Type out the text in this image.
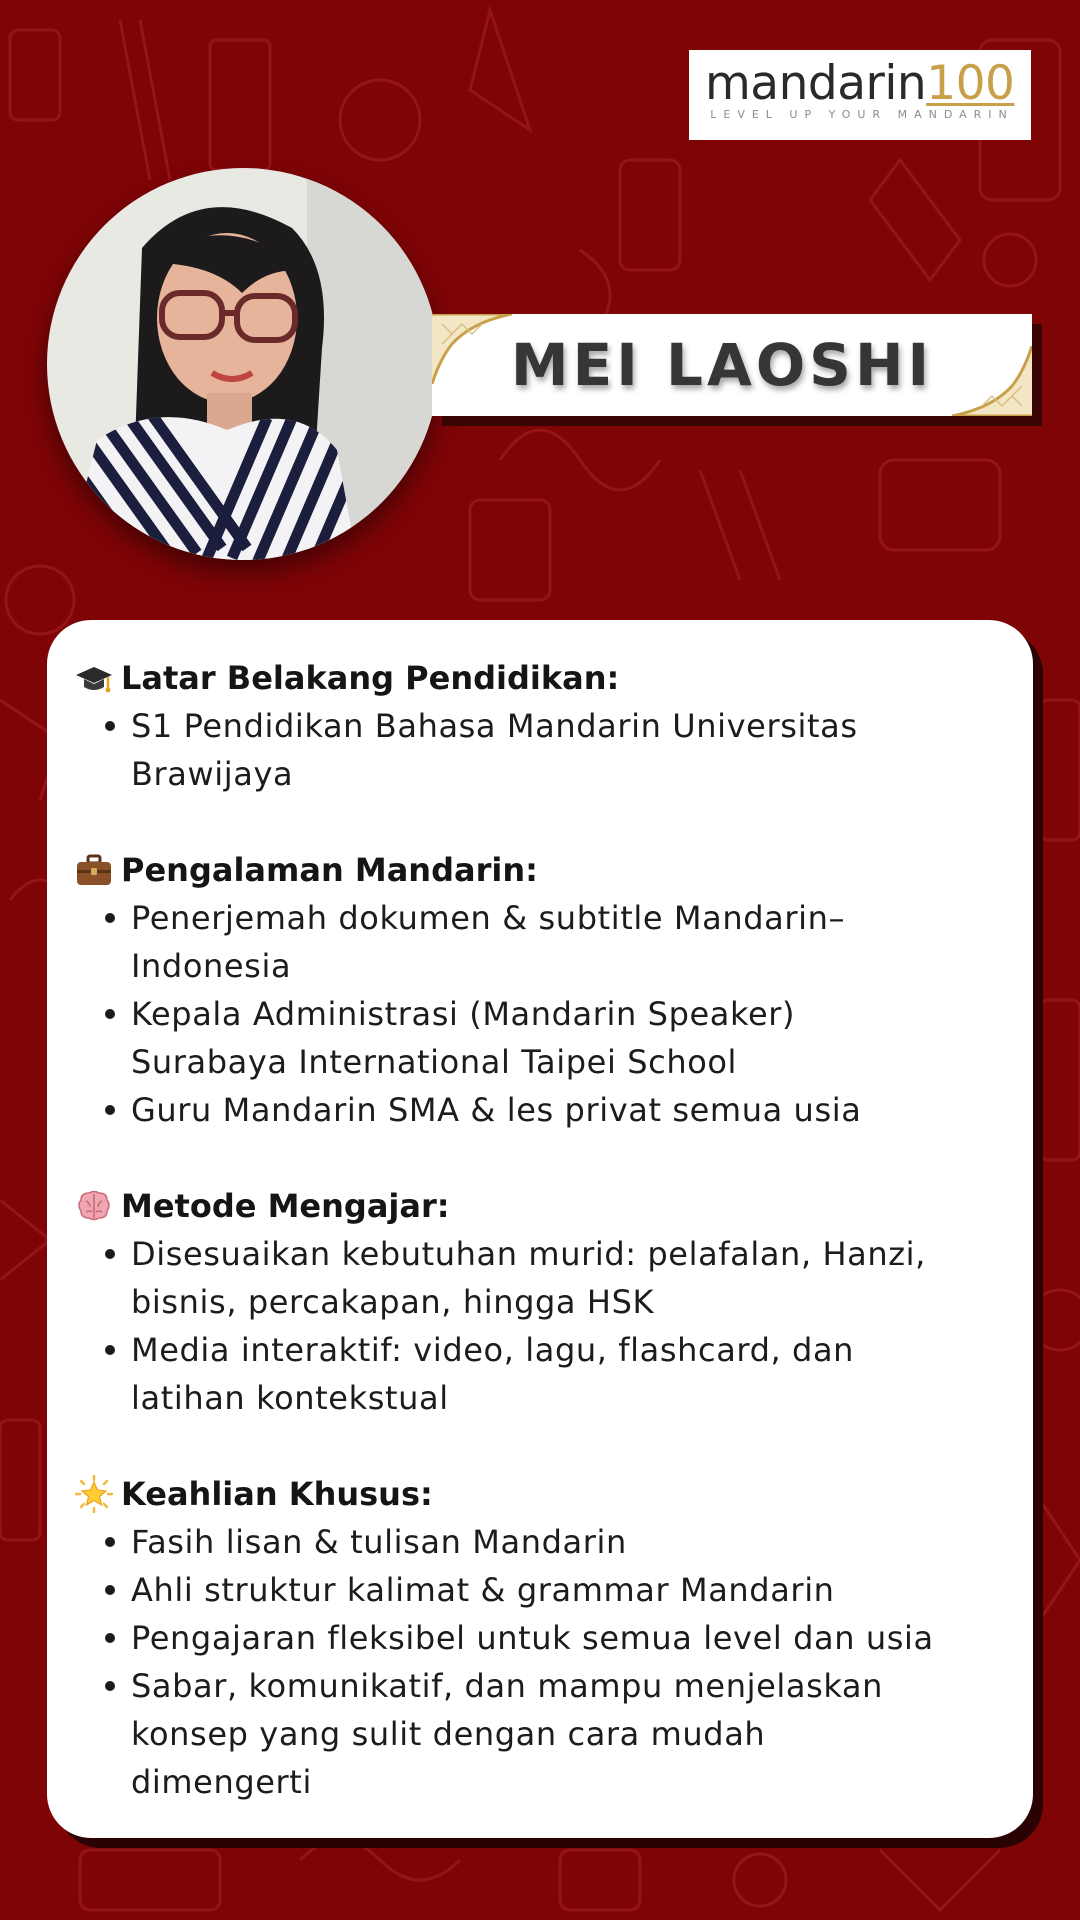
mandarin100
LEVEL UP YOUR MANDARIN
MEI LAOSHI
Latar Belakang Pendidikan:
S1 Pendidikan Bahasa Mandarin Universitas Brawijaya
Pengalaman Mandarin:
Penerjemah dokumen & subtitle Mandarin–Indonesia
Kepala Administrasi (Mandarin Speaker) Surabaya International Taipei School
Guru Mandarin SMA & les privat semua usia
Metode Mengajar:
Disesuaikan kebutuhan murid: pelafalan, Hanzi, bisnis, percakapan, hingga HSK
Media interaktif: video, lagu, flashcard, dan latihan kontekstual
Keahlian Khusus:
Fasih lisan & tulisan Mandarin
Ahli struktur kalimat & grammar Mandarin
Pengajaran fleksibel untuk semua level dan usia
Sabar, komunikatif, dan mampu menjelaskan konsep yang sulit dengan cara mudah dimengerti
